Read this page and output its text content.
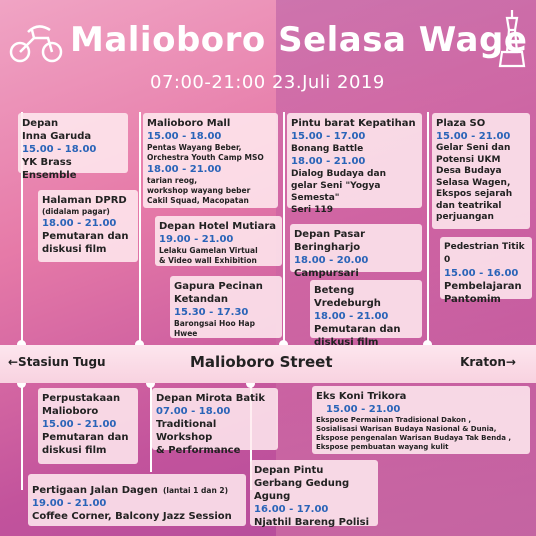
Malioboro Selasa Wage
07:00-21:00 23.Juli 2019
←Stasiun Tugu	Malioboro Street	Kraton→
Depan
Inna Garuda
15.00 - 18.00
YK Brass Ensemble
Halaman DPRD
(didalam pagar)
18.00 - 21.00
Pemutaran dan
diskusi film
Malioboro Mall
15.00 - 18.00
Pentas Wayang Beber,
Orchestra Youth Camp MSO
18.00 - 21.00
tarian reog,
workshop wayang beber
Cakil Squad, Macopatan
Depan Hotel Mutiara
19.00 - 21.00
Lelaku Gamelan Virtual
& Video wall Exhibition
Gapura Pecinan
Ketandan
15.30 - 17.30
Barongsai Hoo Hap
Hwee
Pintu barat Kepatihan
15.00 - 17.00
Bonang Battle
18.00 - 21.00
Dialog Budaya dan
gelar Seni "Yogya Semesta"
Seri 119
Depan Pasar Beringharjo
18.00 - 20.00
Campursari
Beteng Vredeburgh
18.00 - 21.00
Pemutaran dan
diskusi film
Plaza SO
15.00 - 21.00
Gelar Seni dan
Potensi UKM
Desa Budaya
Selasa Wagen,
Ekspos sejarah
dan teatrikal
perjuangan
Pedestrian Titik 0
15.00 - 16.00
Pembelajaran
Pantomim
Perpustakaan
Malioboro
15.00 - 21.00
Pemutaran dan
diskusi film
Depan Mirota Batik
07.00 - 18.00
Traditional Workshop
& Performance
Eks Koni Trikora
15.00 - 21.00
Ekspose Permainan Tradisional Dakon ,
Sosialisasi Warisan Budaya Nasional & Dunia,
Ekspose pengenalan Warisan Budaya Tak Benda ,
Ekspose pembuatan wayang kulit
Pertigaan Jalan Dagen (lantai 1 dan 2)
19.00 - 21.00
Coffee Corner, Balcony Jazz Session
Depan Pintu
Gerbang Gedung Agung
16.00 - 17.00
Njathil Bareng Polisi
